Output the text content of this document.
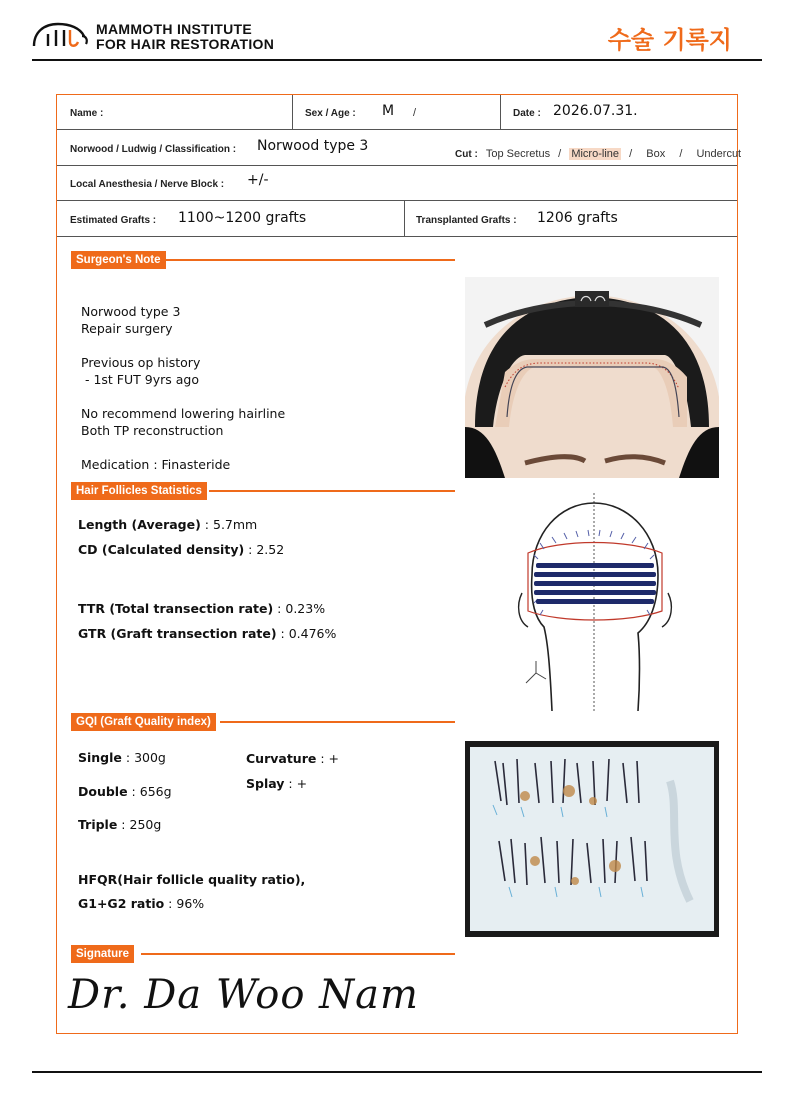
MAMMOTH INSTITUTE
FOR HAIR RESTORATION	수술 기록지
Name :	Sex / Age : M /	Date : 2026.07.31.
Norwood / Ludwig / Classification : Norwood type 3
Cut : Top Secretus / Micro-line / Box / Undercut
Local Anesthesia / Nerve Block : +/-
Estimated Grafts : 1100~1200 grafts	Transplanted Grafts : 1206 grafts
Surgeon's Note

Norwood type 3
Repair surgery

Previous op history
- 1st FUT 9yrs ago

No recommend lowering hairline
Both TP reconstruction

Medication : Finasteride

Hair Follicles Statistics
Length (Average) : 5.7mm
CD (Calculated density) : 2.52
TTR (Total transection rate) : 0.23%
GTR (Graft transection rate) : 0.476%
GQI (Graft Quality index)
Single : 300g
Double : 656g
Triple : 250g
Curvature : +
Splay : +
HFQR(Hair follicle quality ratio),
G1+G2 ratio : 96%
Signature
Dr. Da Woo Nam
